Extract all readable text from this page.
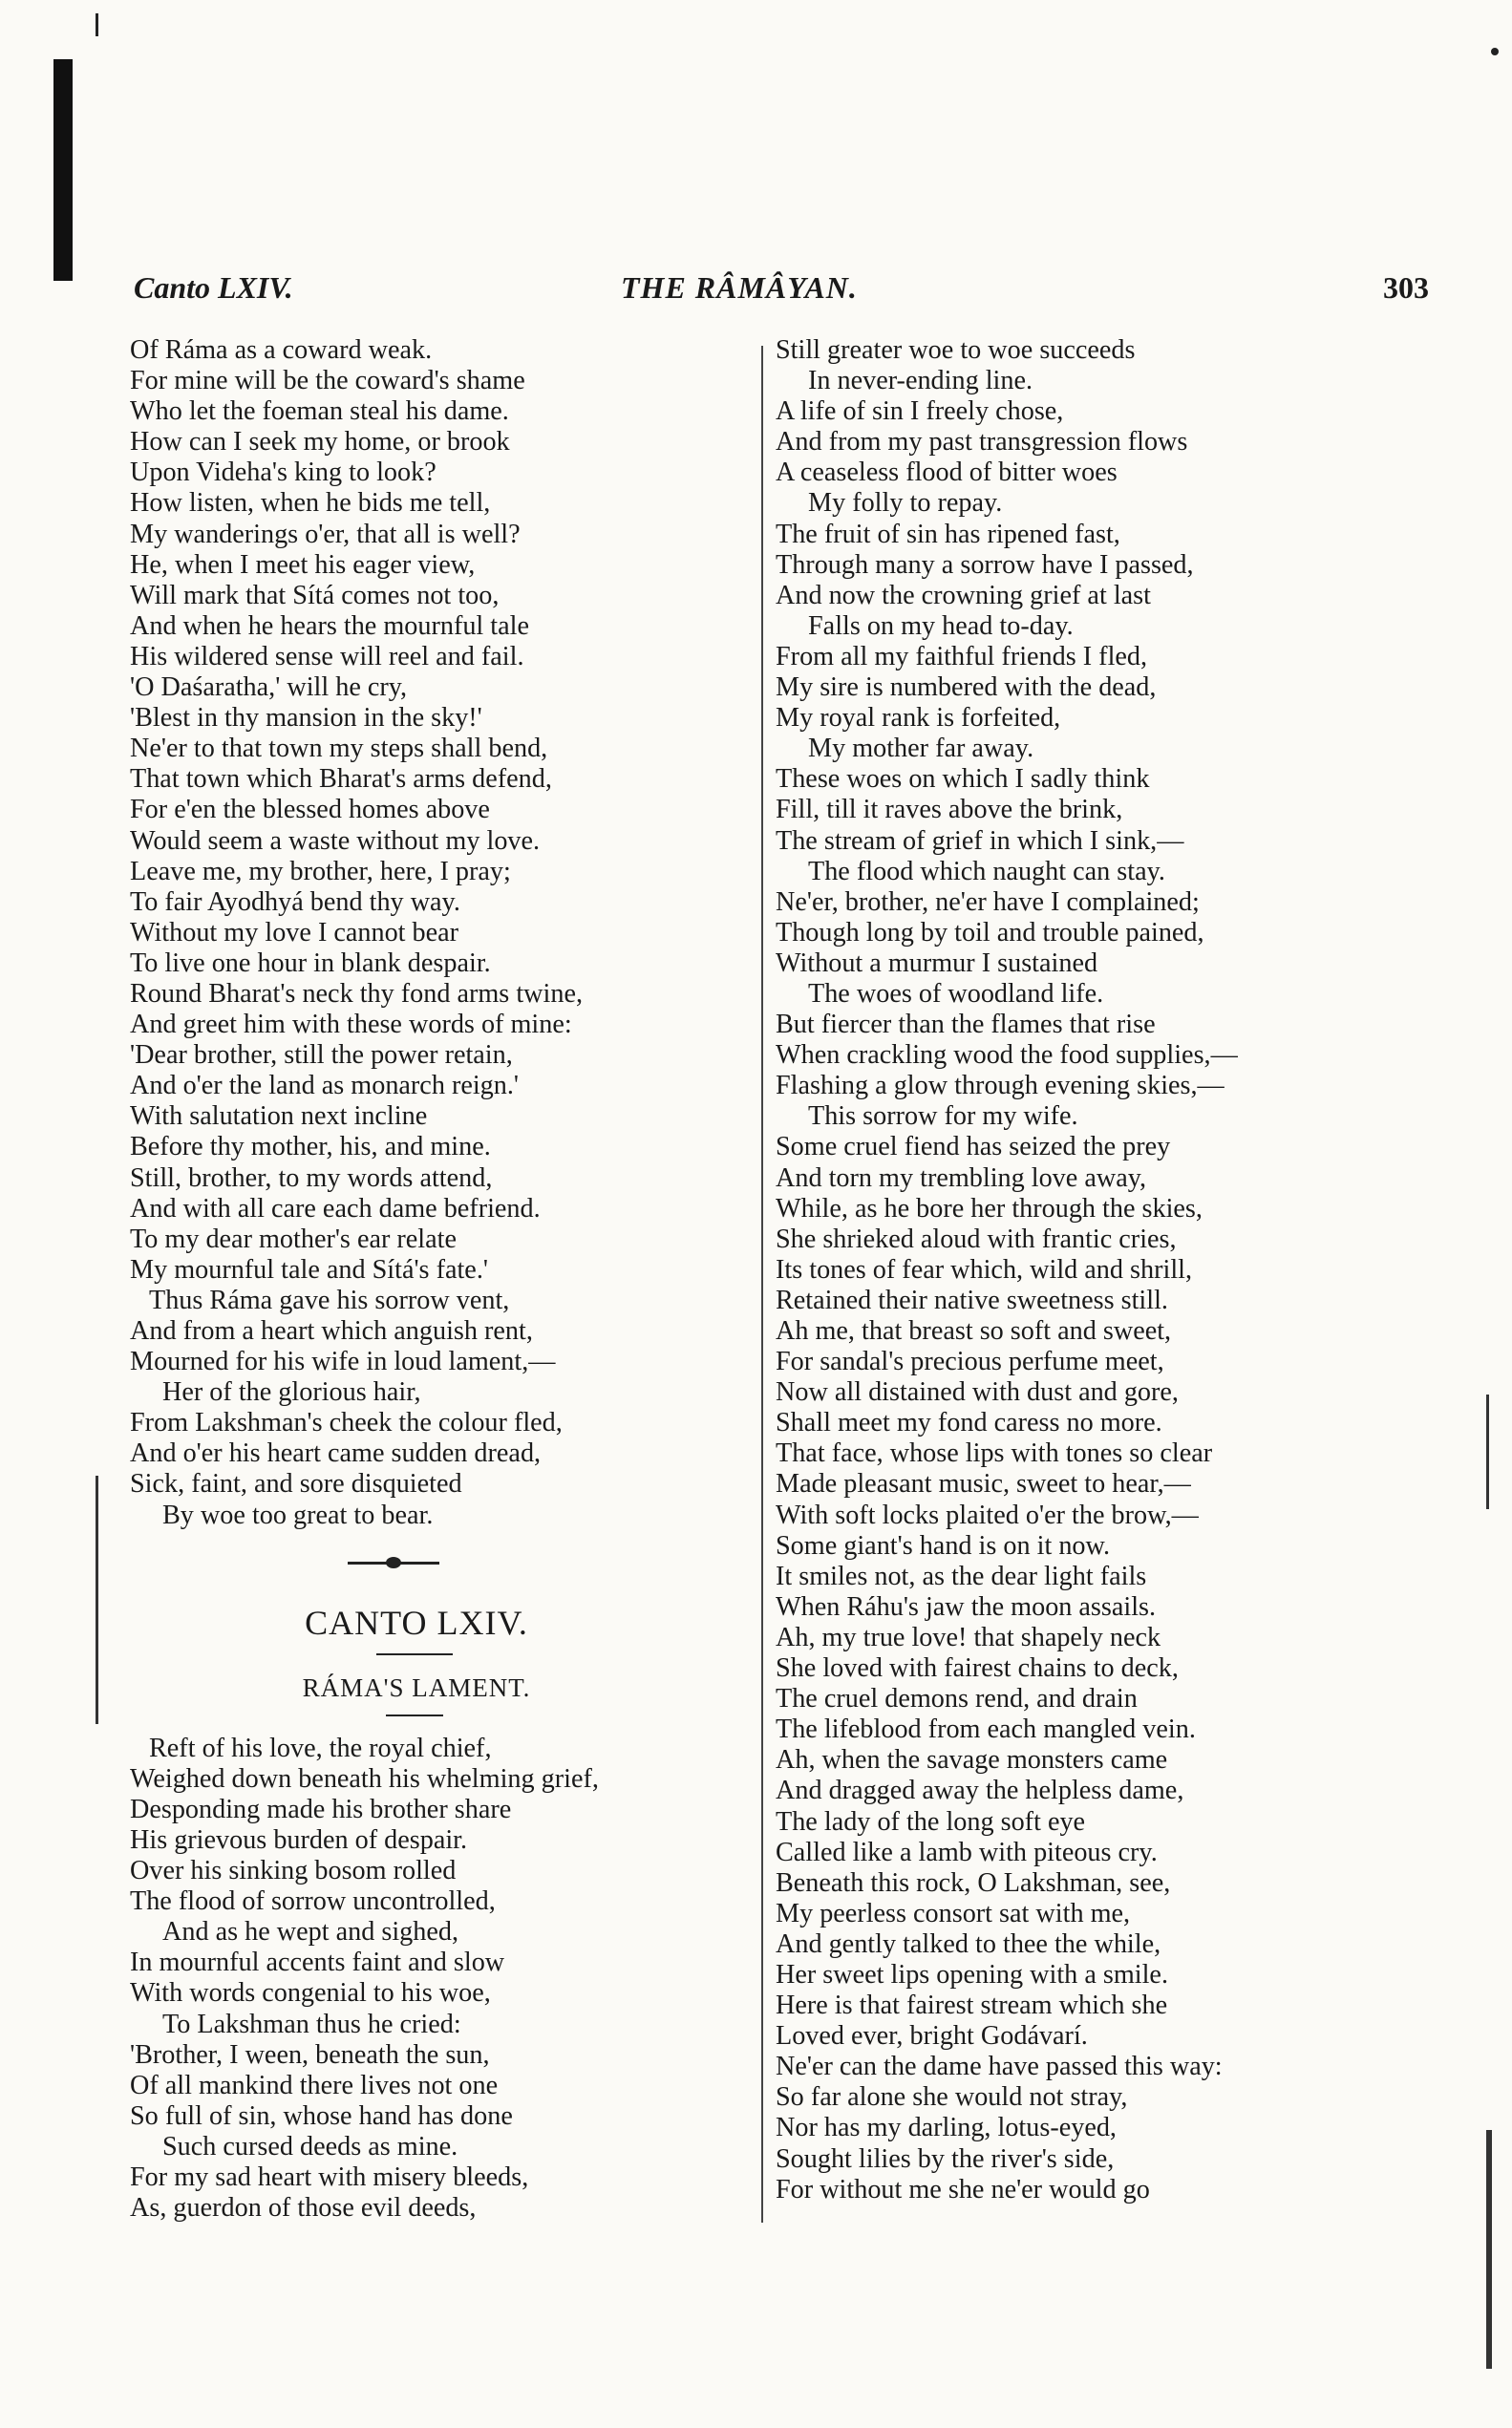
Canto LXIV.	THE RÂMÂYAN.	303
Of Ráma as a coward weak.
For mine will be the coward's shame
Who let the foeman steal his dame.
How can I seek my home, or brook
Upon Videha's king to look?
How listen, when he bids me tell,
My wanderings o'er, that all is well?
He, when I meet his eager view,
Will mark that Sítá comes not too,
And when he hears the mournful tale
His wildered sense will reel and fail.
'O Daśaratha,' will he cry,
'Blest in thy mansion in the sky!'
Ne'er to that town my steps shall bend,
That town which Bharat's arms defend,
For e'en the blessed homes above
Would seem a waste without my love.
Leave me, my brother, here, I pray;
To fair Ayodhyá bend thy way.
Without my love I cannot bear
To live one hour in blank despair.
Round Bharat's neck thy fond arms twine,
And greet him with these words of mine:
'Dear brother, still the power retain,
And o'er the land as monarch reign.'
With salutation next incline
Before thy mother, his, and mine.
Still, brother, to my words attend,
And with all care each dame befriend.
To my dear mother's ear relate
My mournful tale and Sítá's fate.'
Thus Ráma gave his sorrow vent,
And from a heart which anguish rent,
Mourned for his wife in loud lament,—
Her of the glorious hair,
From Lakshman's cheek the colour fled,
And o'er his heart came sudden dread,
Sick, faint, and sore disquieted
By woe too great to bear.
CANTO LXIV.
RÁMA'S LAMENT.
Reft of his love, the royal chief,
Weighed down beneath his whelming grief,
Desponding made his brother share
His grievous burden of despair.
Over his sinking bosom rolled
The flood of sorrow uncontrolled,
And as he wept and sighed,
In mournful accents faint and slow
With words congenial to his woe,
To Lakshman thus he cried:
'Brother, I ween, beneath the sun,
Of all mankind there lives not one
So full of sin, whose hand has done
Such cursed deeds as mine.
For my sad heart with misery bleeds,
As, guerdon of those evil deeds,
Still greater woe to woe succeeds
In never-ending line.
A life of sin I freely chose,
And from my past transgression flows
A ceaseless flood of bitter woes
My folly to repay.
The fruit of sin has ripened fast,
Through many a sorrow have I passed,
And now the crowning grief at last
Falls on my head to-day.
From all my faithful friends I fled,
My sire is numbered with the dead,
My royal rank is forfeited,
My mother far away.
These woes on which I sadly think
Fill, till it raves above the brink,
The stream of grief in which I sink,—
The flood which naught can stay.
Ne'er, brother, ne'er have I complained;
Though long by toil and trouble pained,
Without a murmur I sustained
The woes of woodland life.
But fiercer than the flames that rise
When crackling wood the food supplies,—
Flashing a glow through evening skies,—
This sorrow for my wife.
Some cruel fiend has seized the prey
And torn my trembling love away,
While, as he bore her through the skies,
She shrieked aloud with frantic cries,
Its tones of fear which, wild and shrill,
Retained their native sweetness still.
Ah me, that breast so soft and sweet,
For sandal's precious perfume meet,
Now all distained with dust and gore,
Shall meet my fond caress no more.
That face, whose lips with tones so clear
Made pleasant music, sweet to hear,—
With soft locks plaited o'er the brow,—
Some giant's hand is on it now.
It smiles not, as the dear light fails
When Ráhu's jaw the moon assails.
Ah, my true love! that shapely neck
She loved with fairest chains to deck,
The cruel demons rend, and drain
The lifeblood from each mangled vein.
Ah, when the savage monsters came
And dragged away the helpless dame,
The lady of the long soft eye
Called like a lamb with piteous cry.
Beneath this rock, O Lakshman, see,
My peerless consort sat with me,
And gently talked to thee the while,
Her sweet lips opening with a smile.
Here is that fairest stream which she
Loved ever, bright Godávarí.
Ne'er can the dame have passed this way:
So far alone she would not stray,
Nor has my darling, lotus-eyed,
Sought lilies by the river's side,
For without me she ne'er would go
